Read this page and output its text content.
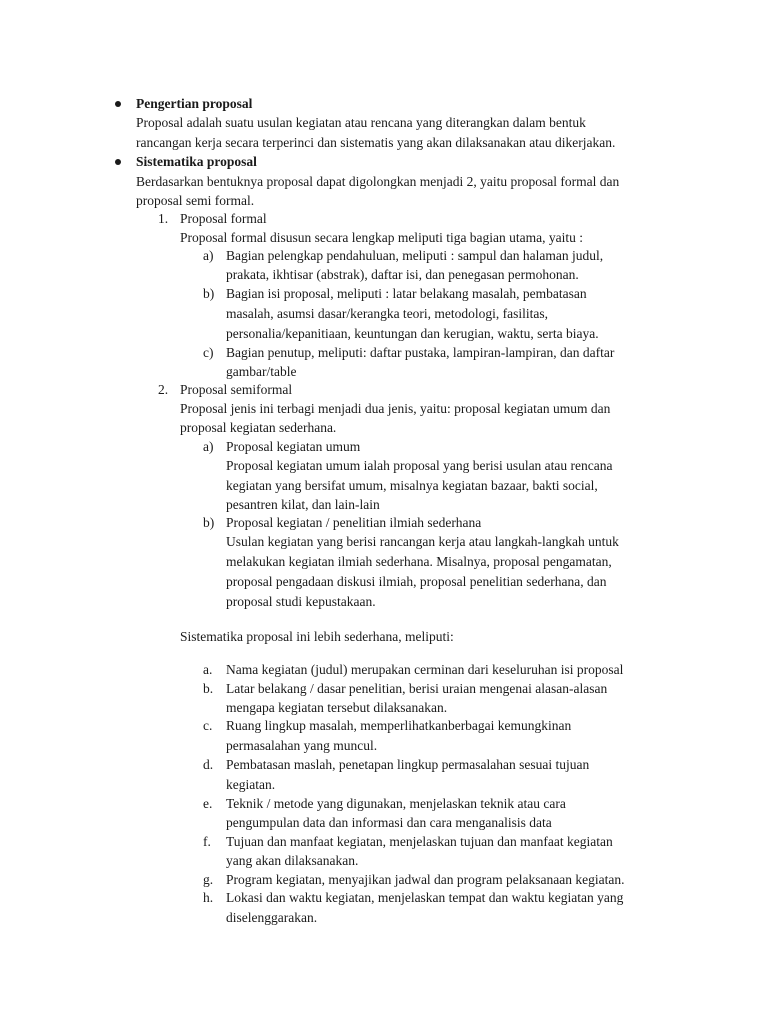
Pengertian proposal
Proposal adalah suatu usulan kegiatan atau rencana yang diterangkan dalam bentuk
rancangan kerja secara terperinci dan sistematis yang akan dilaksanakan atau dikerjakan.
Sistematika proposal
Berdasarkan bentuknya proposal dapat digolongkan menjadi 2, yaitu proposal formal dan
proposal semi formal.
1. Proposal formal
Proposal formal disusun secara lengkap meliputi tiga bagian utama, yaitu :
a) Bagian pelengkap pendahuluan, meliputi : sampul dan halaman judul,
prakata, ikhtisar (abstrak), daftar isi, dan penegasan permohonan.
b) Bagian isi proposal, meliputi : latar belakang masalah, pembatasan
masalah, asumsi dasar/kerangka teori, metodologi, fasilitas,
personalia/kepanitiaan, keuntungan dan kerugian, waktu, serta biaya.
c) Bagian penutup, meliputi: daftar pustaka, lampiran-lampiran, dan daftar
gambar/table
2. Proposal semiformal
Proposal jenis ini terbagi menjadi dua jenis, yaitu: proposal kegiatan umum dan
proposal kegiatan sederhana.
a) Proposal kegiatan umum
Proposal kegiatan umum ialah proposal yang berisi usulan atau rencana
kegiatan yang bersifat umum, misalnya kegiatan bazaar, bakti social,
pesantren kilat, dan lain-lain
b) Proposal kegiatan / penelitian ilmiah sederhana
Usulan kegiatan yang berisi rancangan kerja atau langkah-langkah untuk
melakukan kegiatan ilmiah sederhana. Misalnya, proposal pengamatan,
proposal pengadaan diskusi ilmiah, proposal penelitian sederhana, dan
proposal studi kepustakaan.
Sistematika proposal ini lebih sederhana, meliputi:
a. Nama kegiatan (judul) merupakan cerminan dari keseluruhan isi proposal
b. Latar belakang / dasar penelitian, berisi uraian mengenai alasan-alasan
mengapa kegiatan tersebut dilaksanakan.
c. Ruang lingkup masalah, memperlihatkanberbagai kemungkinan
permasalahan yang muncul.
d. Pembatasan maslah, penetapan lingkup permasalahan sesuai tujuan
kegiatan.
e. Teknik / metode yang digunakan, menjelaskan teknik atau cara
pengumpulan data dan informasi dan cara menganalisis data
f. Tujuan dan manfaat kegiatan, menjelaskan tujuan dan manfaat kegiatan
yang akan dilaksanakan.
g. Program kegiatan, menyajikan jadwal dan program pelaksanaan kegiatan.
h. Lokasi dan waktu kegiatan, menjelaskan tempat dan waktu kegiatan yang
diselenggarakan.
